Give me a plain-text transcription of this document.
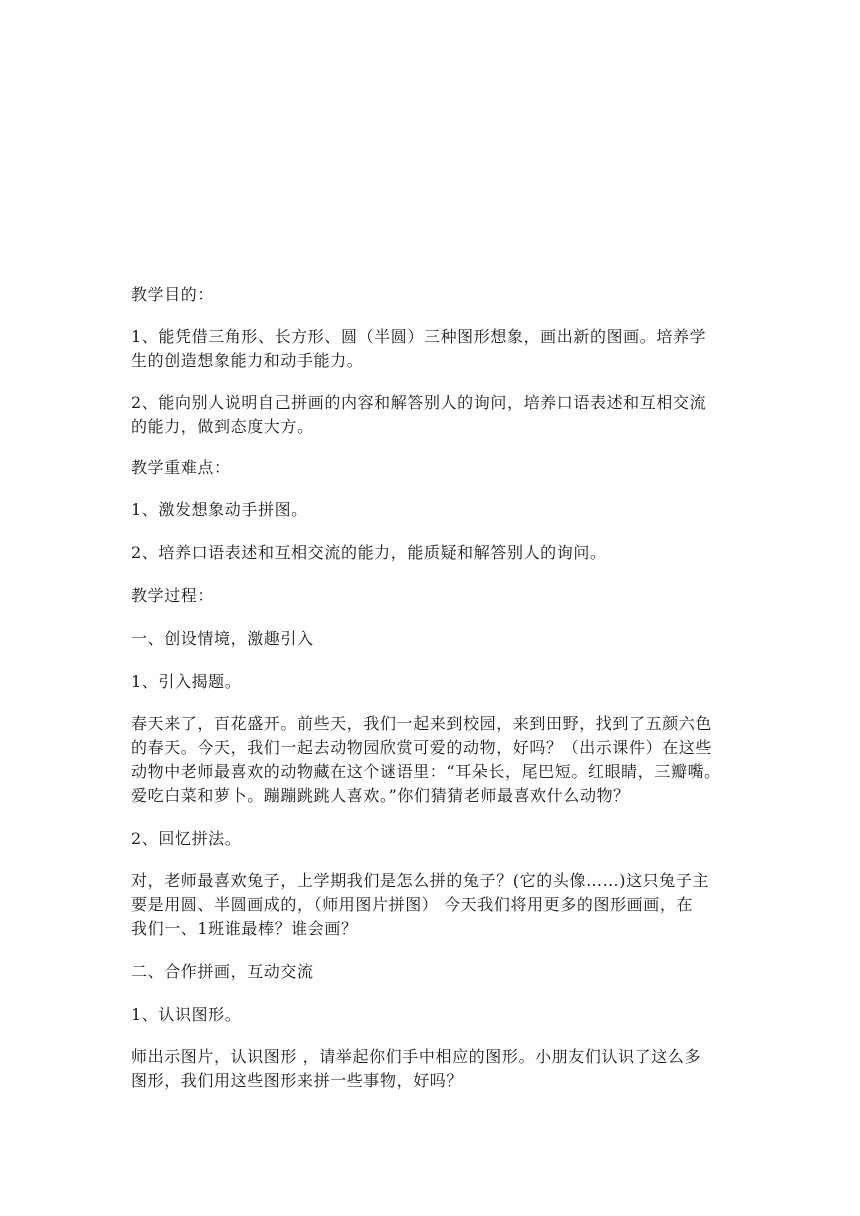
教学目的：

1、能凭借三角形、长方形、圆（半圆）三种图形想象，画出新的图画。培养学
生的创造想象能力和动手能力。

2、能向别人说明自己拼画的内容和解答别人的询问，培养口语表述和互相交流
的能力，做到态度大方。

教学重难点：

1、激发想象动手拼图。

2、培养口语表述和互相交流的能力，能质疑和解答别人的询问。

教学过程：

一、创设情境，激趣引入

1、引入揭题。

春天来了，百花盛开。前些天，我们一起来到校园，来到田野，找到了五颜六色
的春天。今天，我们一起去动物园欣赏可爱的动物，好吗？（出示课件）在这些
动物中老师最喜欢的动物藏在这个谜语里：“耳朵长，尾巴短。红眼睛，三瓣嘴。
爱吃白菜和萝卜。蹦蹦跳跳人喜欢。”你们猜猜老师最喜欢什么动物？

2、回忆拼法。

对，老师最喜欢兔子，上学期我们是怎么拼的兔子？(它的头像……)这只兔子主
要是用圆、半圆画成的，（师用图片拼图） 今天我们将用更多的图形画画，在
我们一、1班谁最棒？谁会画？

二、合作拼画，互动交流

1、认识图形。

师出示图片，认识图形 ，请举起你们手中相应的图形。小朋友们认识了这么多
图形，我们用这些图形来拼一些事物，好吗？
